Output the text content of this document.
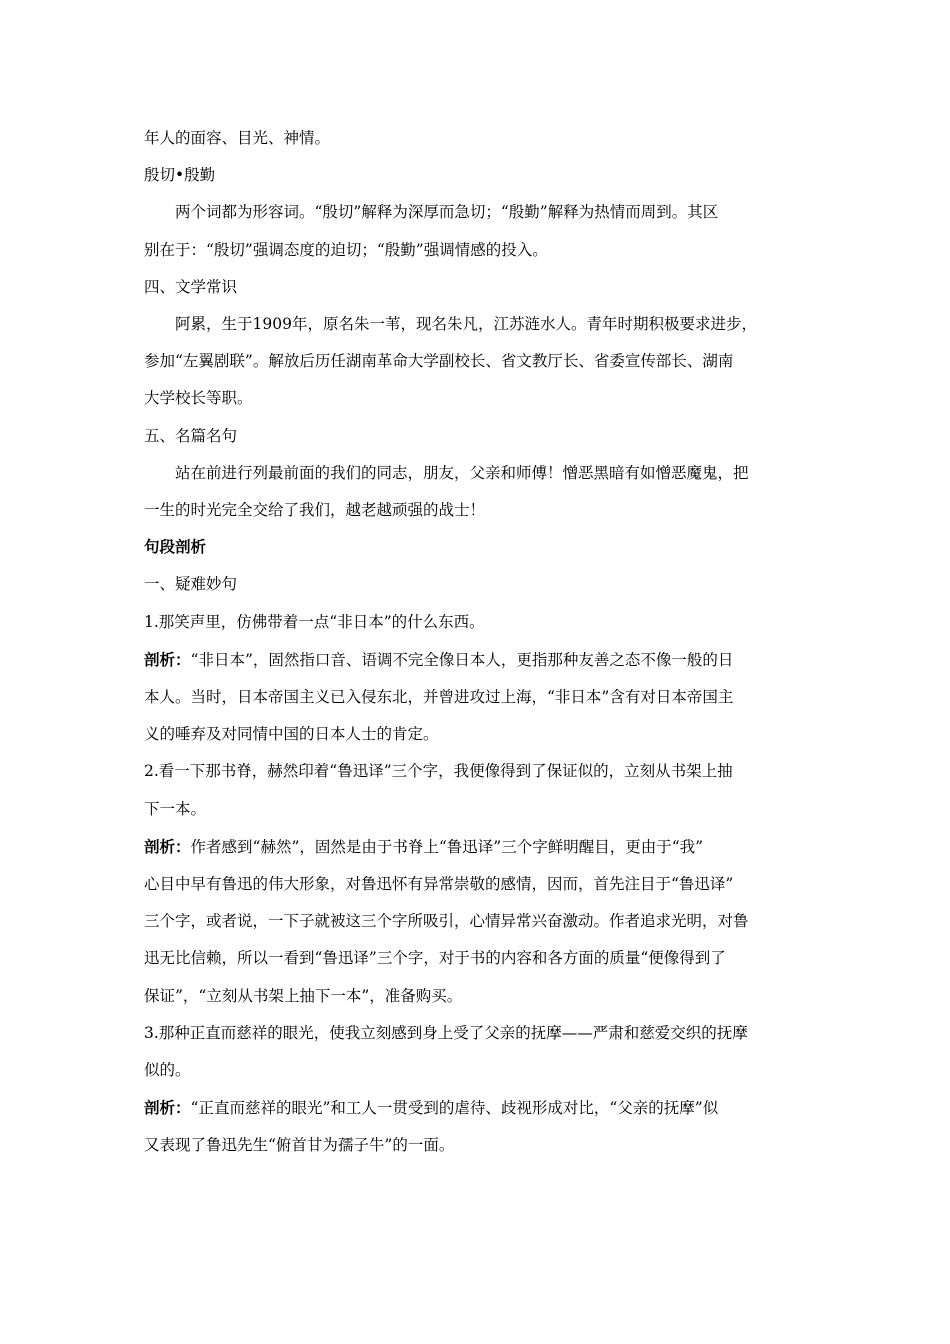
年人的面容、目光、神情。
殷切•殷勤
两个词都为形容词。“殷切”解释为深厚而急切；“殷勤”解释为热情而周到。其区
别在于：“殷切”强调态度的迫切；“殷勤”强调情感的投入。
四、文学常识
阿累，生于1909年，原名朱一苇，现名朱凡，江苏涟水人。青年时期积极要求进步，
参加“左翼剧联”。解放后历任湖南革命大学副校长、省文教厅长、省委宣传部长、湖南
大学校长等职。
五、名篇名句
站在前进行列最前面的我们的同志，朋友，父亲和师傅！憎恶黑暗有如憎恶魔鬼，把
一生的时光完全交给了我们，越老越顽强的战士！
句段剖析
一、疑难妙句
1.那笑声里，仿佛带着一点“非日本”的什么东西。
剖析：“非日本”，固然指口音、语调不完全像日本人，更指那种友善之态不像一般的日
本人。当时，日本帝国主义已入侵东北，并曾进攻过上海，“非日本”含有对日本帝国主
义的唾弃及对同情中国的日本人士的肯定。
2.看一下那书脊，赫然印着“鲁迅译”三个字，我便像得到了保证似的，立刻从书架上抽
下一本。
剖析：作者感到“赫然”，固然是由于书脊上“鲁迅译”三个字鲜明醒目，更由于“我”
心目中早有鲁迅的伟大形象，对鲁迅怀有异常崇敬的感情，因而，首先注目于“鲁迅译”
三个字，或者说，一下子就被这三个字所吸引，心情异常兴奋激动。作者追求光明，对鲁
迅无比信赖，所以一看到“鲁迅译”三个字，对于书的内容和各方面的质量“便像得到了
保证”，“立刻从书架上抽下一本”，准备购买。
3.那种正直而慈祥的眼光，使我立刻感到身上受了父亲的抚摩——严肃和慈爱交织的抚摩
似的。
剖析：“正直而慈祥的眼光”和工人一贯受到的虐待、歧视形成对比，“父亲的抚摩”似
又表现了鲁迅先生“俯首甘为孺子牛”的一面。
